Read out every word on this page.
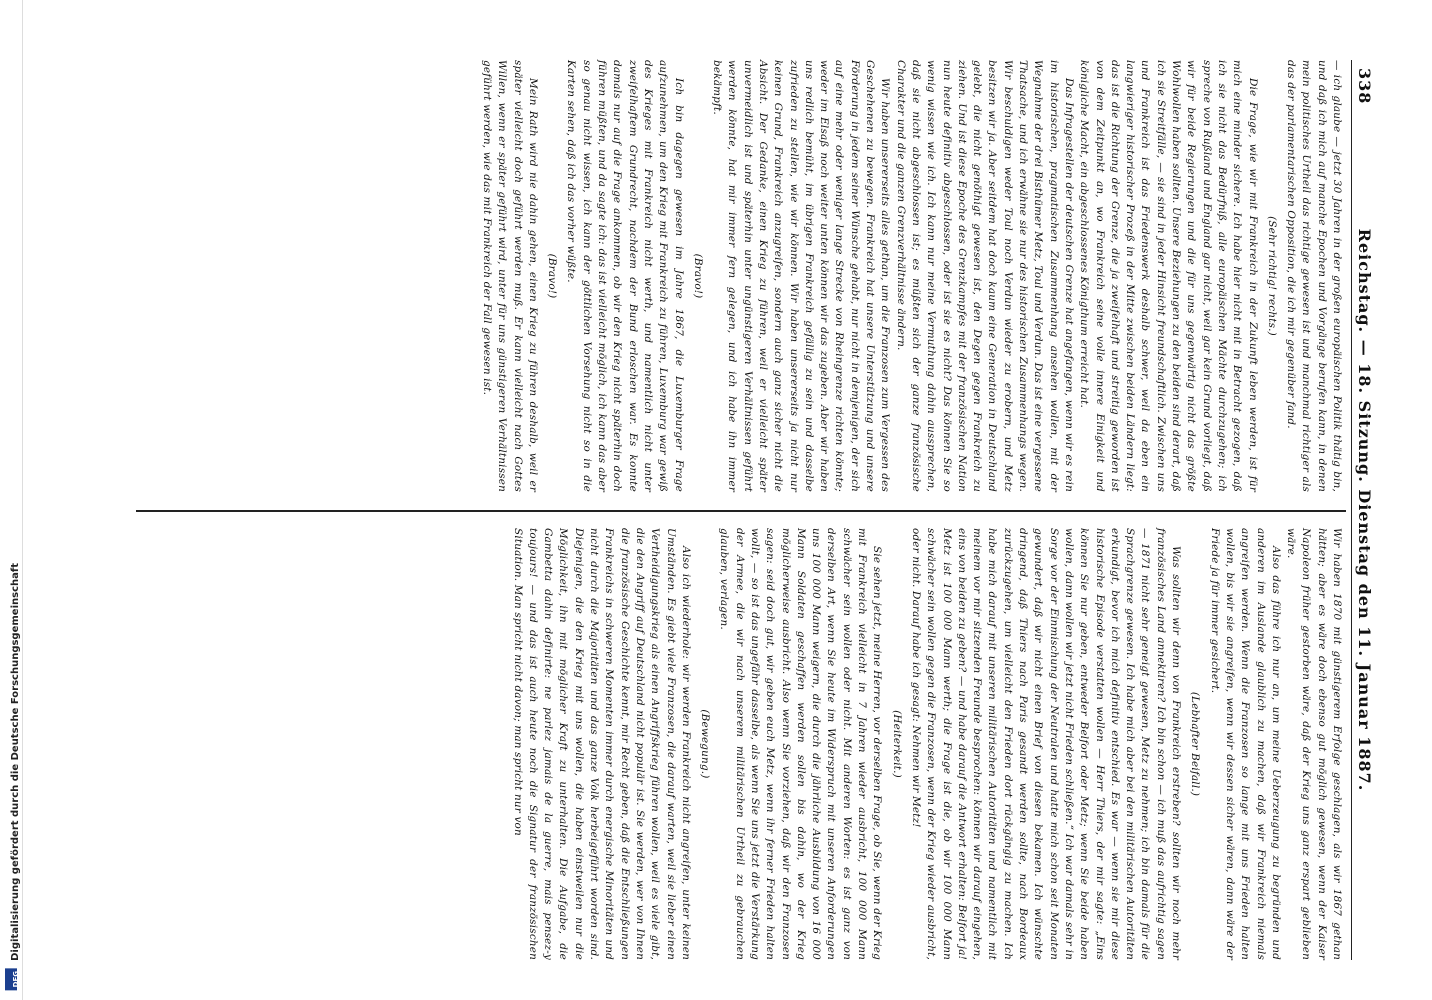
DFG Digitalisierung gefördert durch die Deutsche Forschungsgemeinschaft
338
Reichstag. — 18. Sitzung. Dienstag den 11. Januar 1887.

— ich glaube — jetzt 30 Jahren in der großen europäischen Politik thätig bin, und daß ich mich auf manche Epochen und Vorgänge berufen kann, in denen mein politisches Urtheil das richtige gewesen ist und manchmal richtiger als das der parlamentarischen Opposition, die ich mir gegenüber fand.

(Sehr richtig! rechts.)

Die Frage, wie wir mit Frankreich in der Zukunft leben werden, ist für mich eine minder sichere. Ich habe hier nicht mit in Betracht gezogen, daß ich sie nicht das Bedürfniß, alle europäischen Mächte durchzugehen; ich spreche von Rußland und England gar nicht, weil gar kein Grund vorliegt, daß wir für beide Regierungen und die für uns gegenwärtig nicht das größte Wohlwollen haben sollten. Unsere Beziehungen zu den beiden sind derart, daß ich sie Streitfälle, — sie sind in jeder Hinsicht freundschaftlich. Zwischen uns und Frankreich ist das Friedenswerk deshalb schwer, weil da eben ein langwieriger historischer Prozeß in der Mitte zwischen beiden Ländern liegt: das ist die Richtung der Grenze, die ja zweifelhaft und streitig geworden ist von dem Zeitpunkt an, wo Frankreich seine volle innere Einigkeit und königliche Macht, ein abgeschlossenes Königthum erreicht hat.

Das Infragestellen der deutschen Grenze hat angefangen, wenn wir es rein im historischen, pragmatischen Zusammenhang ansehen wollen, mit der Wegnahme der drei Bisthümer Metz, Toul und Verdun. Das ist eine vergessene Thatsache, und ich erwähne sie nur des historischen Zusammenhangs wegen. Wir beschuldigen weder Toul noch Verdun wieder zu erobern, und Metz besitzen wir ja. Aber seitdem hat doch kaum eine Generation in Deutschland gelebt, die nicht genöthigt gewesen ist, den Degen gegen Frankreich zu ziehen. Und ist diese Epoche des Grenzkampfes mit der französischen Nation nun heute definitiv abgeschlossen, oder ist sie es nicht? Das können Sie so wenig wissen wie ich. Ich kann nur meine Vermuthung dahin aussprechen, daß sie nicht abgeschlossen ist; es müßten sich der ganze französische Charakter und die ganzen Grenzverhältnisse ändern.

Wir haben unsererseits alles gethan, um die Franzosen zum Vergessen des Geschehenen zu bewegen. Frankreich hat unsere Unterstützung und unsere Förderung in jedem seiner Wünsche gehabt, nur nicht in demjenigen, der sich auf eine mehr oder weniger lange Strecke von Rheingrenze richten könnte; weder im Elsaß noch weiter unten können wir das zugeben. Aber wir haben uns redlich bemüht, im übrigen Frankreich gefällig zu sein und dasselbe zufrieden zu stellen, wie wir können. Wir haben unsererseits ja nicht nur keinen Grund, Frankreich anzugreifen, sondern auch ganz sicher nicht die Absicht. Der Gedanke, einen Krieg zu führen, weil er vielleicht später unvermeidlich ist und späterhin unter ungünstigeren Verhältnissen geführt werden könnte, hat mir immer fern gelegen, und ich habe ihn immer bekämpft.

(Bravo!)

Ich bin dagegen gewesen im Jahre 1867, die Luxemburger Frage aufzunehmen, um den Krieg mit Frankreich zu führen, Luxemburg war gewiß des Krieges mit Frankreich nicht werth, und namentlich nicht unter zweifelhaftem Grundrecht, nachdem der Bund erloschen war. Es konnte damals nur auf die Frage ankommen, ob wir den Krieg nicht späterhin doch führen müßten, und da sagte ich: das ist vielleicht möglich, ich kann das aber so genau nicht wissen, ich kann der göttlichen Vorsehung nicht so in die Karten sehen, daß ich das vorher wüßte.

(Bravo!)

Mein Rath wird nie dahin gehen, einen Krieg zu führen deshalb, weil er später vielleicht doch geführt werden muß. Er kann vielleicht nach Gottes Willen, wenn er später geführt wird, unter für uns günstigeren Verhältnissen geführt werden, wie das mit Frankreich der Fall gewesen ist.

Wir haben 1870 mit günstigerem Erfolge geschlagen, als wir 1867 gethan hätten; aber es wäre doch ebenso gut möglich gewesen, wenn der Kaiser Napoleon früher gestorben wäre, daß der Krieg uns ganz erspart geblieben wäre.

Also das führe ich nur an, um meine Ueberzeugung zu begründen und anderen im Auslande glaublich zu machen, daß wir Frankreich niemals angreifen werden. Wenn die Franzosen so lange mit uns Frieden halten wollen, bis wir sie angreifen, wenn wir dessen sicher wären, dann wäre der Friede ja für immer gesichert.

(Lebhafter Beifall.)

Was sollten wir denn von Frankreich erstreben? sollten wir noch mehr französisches Land annektiren? Ich bin schon — ich muß das aufrichtig sagen — 1871 nicht sehr geneigt gewesen, Metz zu nehmen; ich bin damals für die Sprachgrenze gewesen. Ich habe mich aber bei den militärischen Autoritäten erkundigt, bevor ich mich definitiv entschied. Es war — wenn sie mir diese historische Episode verstatten wollen — Herr Thiers, der mir sagte: „Eins können Sie nur geben, entweder Belfort oder Metz; wenn Sie beide haben wollen, dann wollen wir jetzt nicht Frieden schließen.“ Ich war damals sehr in Sorge vor der Einmischung der Neutralen und hatte mich schon seit Monaten gewundert, daß wir nicht einen Brief von diesen bekamen. Ich wünschte dringend, daß Thiers nach Paris gesandt werden sollte, nach Bordeaux zurückzugehen, um vielleicht den Frieden dort rückgängig zu machen. Ich habe mich darauf mit unseren militärischen Autoritäten und namentlich mit meinem vor mir sitzenden Freunde besprochen: können wir darauf eingehen, eins von beiden zu geben? — und habe darauf die Antwort erhalten: Belfort ja! Metz ist 100 000 Mann werth; die Frage ist die, ob wir 100 000 Mann schwächer sein wollen gegen die Franzosen, wenn der Krieg wieder ausbricht, oder nicht. Darauf habe ich gesagt: Nehmen wir Metz!

(Heiterkeit.)

Sie sehen jetzt, meine Herren, vor derselben Frage, ob Sie, wenn der Krieg mit Frankreich vielleicht in 7 Jahren wieder ausbricht, 100 000 Mann schwächer sein wollen oder nicht. Mit anderen Worten: es ist ganz von derselben Art, wenn Sie heute im Widerspruch mit unseren Anforderungen uns 100 000 Mann weigern, die durch die jährliche Ausbildung von 16 000 Mann Soldaten geschaffen werden sollen bis dahin, wo der Krieg möglicherweise ausbricht. Also wenn Sie vorziehen, daß wir den Franzosen sagen: seid doch gut, wir geben euch Metz, wenn ihr ferner Frieden halten wollt, — so ist das ungefähr dasselbe, als wenn Sie uns jetzt die Verstärkung der Armee, die wir nach unserem militärischen Urtheil zu gebrauchen glauben, verlagen.

(Bewegung.)

Also ich wiederhole: wir werden Frankreich nicht angreifen, unter keinen Umständen. Es giebt viele Franzosen, die darauf warten, weil sie lieber einen Vertheidigungskrieg als einen Angriffskrieg führen wollen, weil es viele gibt, die den Angriff auf Deutschland nicht populär ist. Sie werden, wer von Ihnen die französische Geschichte kennt, mir Recht geben, daß die Entschließungen Frankreichs in schweren Momenten immer durch energische Minoritäten und nicht durch die Majoritäten und das ganze Volk herbeigeführt worden sind. Diejenigen, die den Krieg mit uns wollen, die haben einstweilen nur die Möglichkeit, ihn mit möglicher Kraft zu unterhalten. Die Aufgabe, die Gambetta dahin definirte: ne parlez jamais de la guerre, mais pensez-y toujours! — und das ist auch heute noch die Signatur der französischen Situation. Man spricht nicht davon; man spricht nur von
